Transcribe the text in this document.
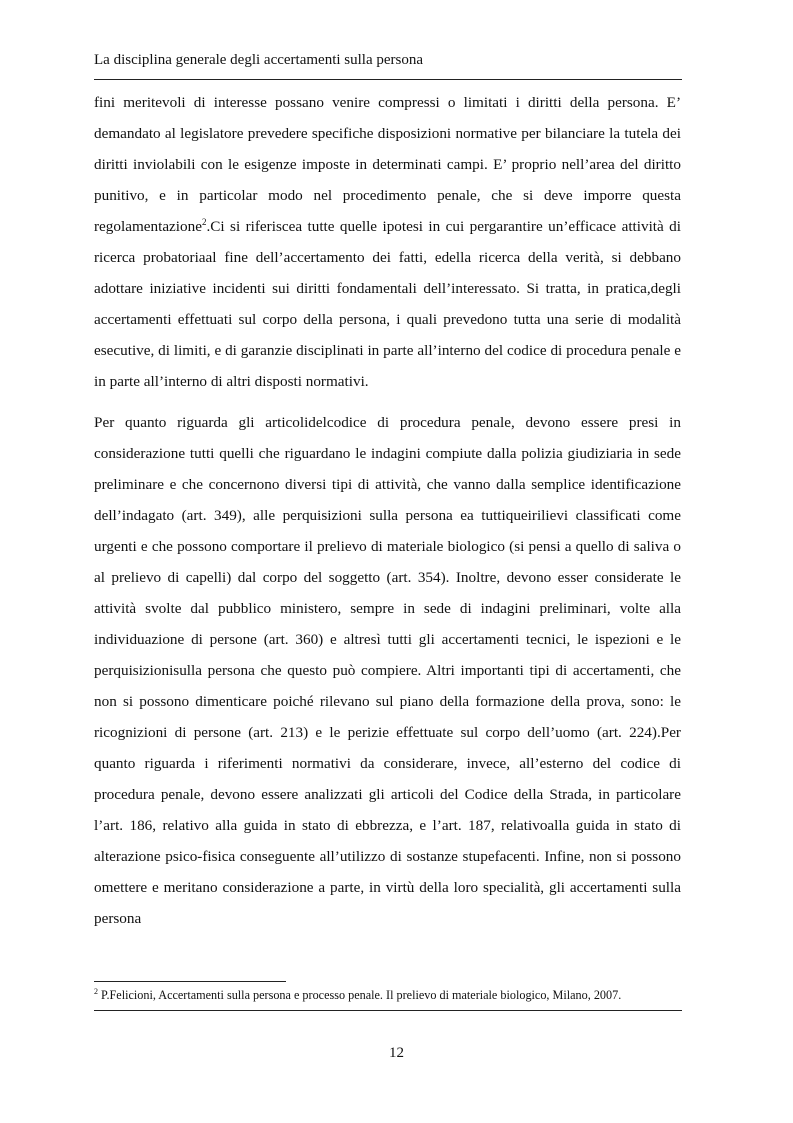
La disciplina generale degli accertamenti sulla persona

fini meritevoli di interesse possano venire compressi o limitati i diritti della persona. E’ demandato al legislatore prevedere specifiche disposizioni normative per bilanciare la tutela dei diritti inviolabili con le esigenze imposte in determinati campi. E’ proprio nell’area del diritto punitivo, e in particolar modo nel procedimento penale, che si deve imporre questa regolamentazione$^2$.Ci si riferiscea tutte quelle ipotesi in cui pergarantire un’efficace attività di ricerca probatoriaal fine dell’accertamento dei fatti, edella ricerca della verità, si debbano adottare iniziative incidenti sui diritti fondamentali dell’interessato. Si tratta, in pratica,degli accertamenti effettuati sul corpo della persona, i quali prevedono tutta una serie di modalità esecutive, di limiti, e di garanzie disciplinati in parte all’interno del codice di procedura penale e in parte all’interno di altri disposti normativi.

Per quanto riguarda gli articolidelcodice di procedura penale, devono essere presi in considerazione tutti quelli che riguardano le indagini compiute dalla polizia giudiziaria in sede preliminare e che concernono diversi tipi di attività, che vanno dalla semplice identificazione dell’indagato (art. 349), alle perquisizioni sulla persona ea tuttiqueirilievi classificati come urgenti e che possono comportare il prelievo di materiale biologico (si pensi a quello di saliva o al prelievo di capelli) dal corpo del soggetto (art. 354). Inoltre, devono esser considerate le attività svolte dal pubblico ministero, sempre in sede di indagini preliminari, volte alla individuazione di persone (art. 360) e altresì tutti gli accertamenti tecnici, le ispezioni e le perquisizionisulla persona che questo può compiere. Altri importanti tipi di accertamenti, che non si possono dimenticare poiché rilevano sul piano della formazione della prova, sono: le ricognizioni di persone (art. 213) e le perizie effettuate sul corpo dell’uomo (art. 224).Per quanto riguarda i riferimenti normativi da considerare, invece, all’esterno del codice di procedura penale, devono essere analizzati gli articoli del Codice della Strada, in particolare l’art. 186, relativo alla guida in stato di ebbrezza, e l’art. 187, relativoalla guida in stato di alterazione psico-fisica conseguente all’utilizzo di sostanze stupefacenti. Infine, non si possono omettere e meritano considerazione a parte, in virtù della loro specialità, gli accertamenti sulla persona

$^2$ P.Felicioni, Accertamenti sulla persona e processo penale. Il prelievo di materiale biologico, Milano, 2007.
12
